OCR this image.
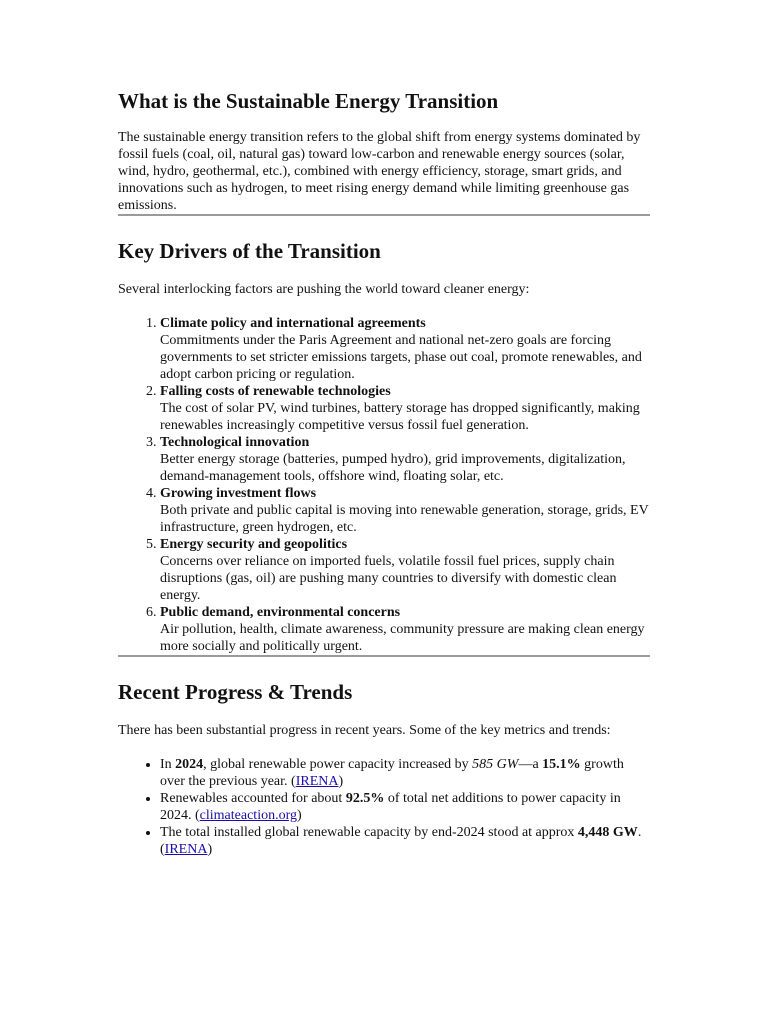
What is the Sustainable Energy Transition

The sustainable energy transition refers to the global shift from energy systems dominated by fossil fuels (coal, oil, natural gas) toward low-carbon and renewable energy sources (solar, wind, hydro, geothermal, etc.), combined with energy efficiency, storage, smart grids, and innovations such as hydrogen, to meet rising energy demand while limiting greenhouse gas emissions.

Key Drivers of the Transition

Several interlocking factors are pushing the world toward cleaner energy:

1. Climate policy and international agreements
Commitments under the Paris Agreement and national net-zero goals are forcing governments to set stricter emissions targets, phase out coal, promote renewables, and adopt carbon pricing or regulation.
2. Falling costs of renewable technologies
The cost of solar PV, wind turbines, battery storage has dropped significantly, making renewables increasingly competitive versus fossil fuel generation.
3. Technological innovation
Better energy storage (batteries, pumped hydro), grid improvements, digitalization, demand-management tools, offshore wind, floating solar, etc.
4. Growing investment flows
Both private and public capital is moving into renewable generation, storage, grids, EV infrastructure, green hydrogen, etc.
5. Energy security and geopolitics
Concerns over reliance on imported fuels, volatile fossil fuel prices, supply chain disruptions (gas, oil) are pushing many countries to diversify with domestic clean energy.
6. Public demand, environmental concerns
Air pollution, health, climate awareness, community pressure are making clean energy more socially and politically urgent.
Recent Progress & Trends

There has been substantial progress in recent years. Some of the key metrics and trends:

• In 2024, global renewable power capacity increased by 585 GW—a 15.1% growth over the previous year. (IRENA)
• Renewables accounted for about 92.5% of total net additions to power capacity in 2024. (climateaction.org)
• The total installed global renewable capacity by end-2024 stood at approx 4,448 GW. (IRENA)
